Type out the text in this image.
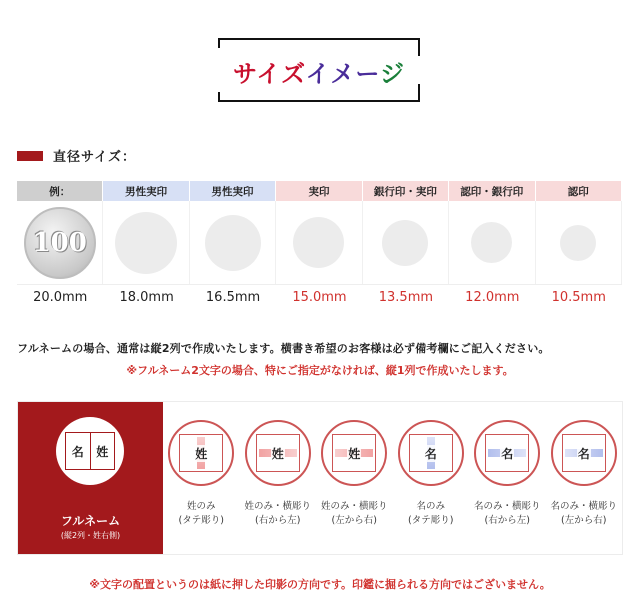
サイズイメージ
直径サイズ：
例：	男性実印	男性実印	実印	銀行印・実印	認印・銀行印	認印
100
20.0mm	18.0mm	16.5mm	15.0mm	13.5mm	12.0mm	10.5mm
フルネームの場合、通常は縦2列で作成いたします。横書き希望のお客様は必ず備考欄にご記入ください。
※フルネーム2文字の場合、特にご指定がなければ、縦1列で作成いたします。
名	姓
フルネーム
(縦2列・姓右側)
姓
姓のみ
(タテ彫り)
姓
姓のみ・横彫り
(右から左)
姓
姓のみ・横彫り
(左から右)
名
名のみ
(タテ彫り)
名
名のみ・横彫り
(右から左)
名
名のみ・横彫り
(左から右)
※文字の配置というのは紙に押した印影の方向です。印鑑に掘られる方向ではございません。
